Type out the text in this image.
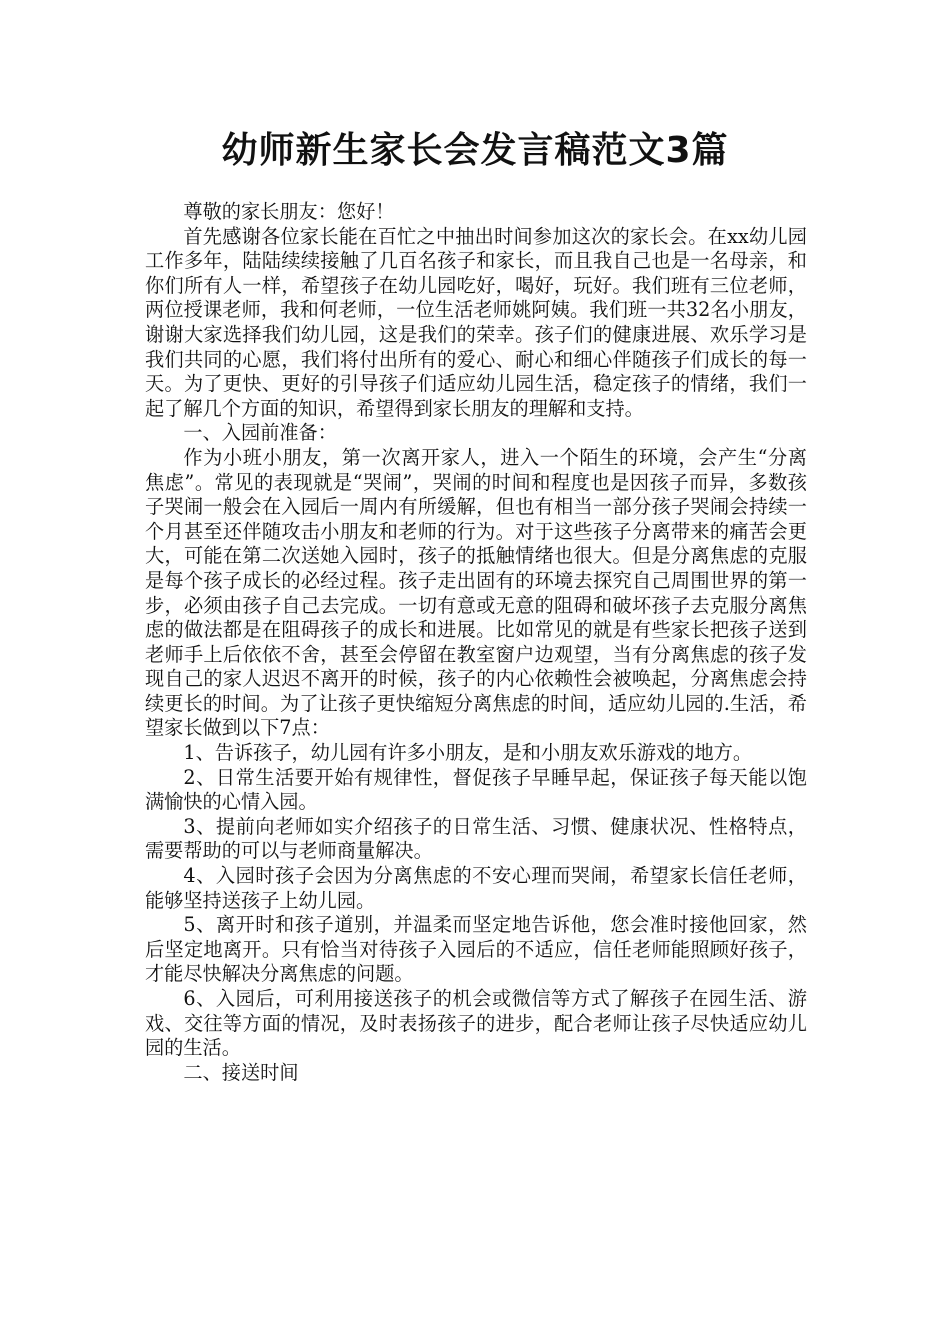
幼师新生家长会发言稿范文3篇

尊敬的家长朋友：您好！

首先感谢各位家长能在百忙之中抽出时间参加这次的家长会。在xx幼儿园工作多年，陆陆续续接触了几百名孩子和家长，而且我自己也是一名母亲，和你们所有人一样，希望孩子在幼儿园吃好，喝好，玩好。我们班有三位老师，两位授课老师，我和何老师，一位生活老师姚阿姨。我们班一共32名小朋友，谢谢大家选择我们幼儿园，这是我们的荣幸。孩子们的健康进展、欢乐学习是我们共同的心愿，我们将付出所有的爱心、耐心和细心伴随孩子们成长的每一天。为了更快、更好的引导孩子们适应幼儿园生活，稳定孩子的情绪，我们一起了解几个方面的知识，希望得到家长朋友的理解和支持。

一、入园前准备：

作为小班小朋友，第一次离开家人，进入一个陌生的环境，会产生“分离焦虑”。常见的表现就是“哭闹”，哭闹的时间和程度也是因孩子而异，多数孩子哭闹一般会在入园后一周内有所缓解，但也有相当一部分孩子哭闹会持续一个月甚至还伴随攻击小朋友和老师的行为。对于这些孩子分离带来的痛苦会更大，可能在第二次送她入园时，孩子的抵触情绪也很大。但是分离焦虑的克服是每个孩子成长的必经过程。孩子走出固有的环境去探究自己周围世界的第一步，必须由孩子自己去完成。一切有意或无意的阻碍和破坏孩子去克服分离焦虑的做法都是在阻碍孩子的成长和进展。比如常见的就是有些家长把孩子送到老师手上后依依不舍，甚至会停留在教室窗户边观望，当有分离焦虑的孩子发现自己的家人迟迟不离开的时候，孩子的内心依赖性会被唤起，分离焦虑会持续更长的时间。为了让孩子更快缩短分离焦虑的时间，适应幼儿园的.生活，希望家长做到以下7点：

1、告诉孩子，幼儿园有许多小朋友，是和小朋友欢乐游戏的地方。

2、日常生活要开始有规律性，督促孩子早睡早起，保证孩子每天能以饱满愉快的心情入园。

3、提前向老师如实介绍孩子的日常生活、习惯、健康状况、性格特点，需要帮助的可以与老师商量解决。

4、入园时孩子会因为分离焦虑的不安心理而哭闹，希望家长信任老师，能够坚持送孩子上幼儿园。

5、离开时和孩子道别，并温柔而坚定地告诉他，您会准时接他回家，然后坚定地离开。只有恰当对待孩子入园后的不适应，信任老师能照顾好孩子，才能尽快解决分离焦虑的问题。

6、入园后，可利用接送孩子的机会或微信等方式了解孩子在园生活、游戏、交往等方面的情况，及时表扬孩子的进步，配合老师让孩子尽快适应幼儿园的生活。

二、接送时间
